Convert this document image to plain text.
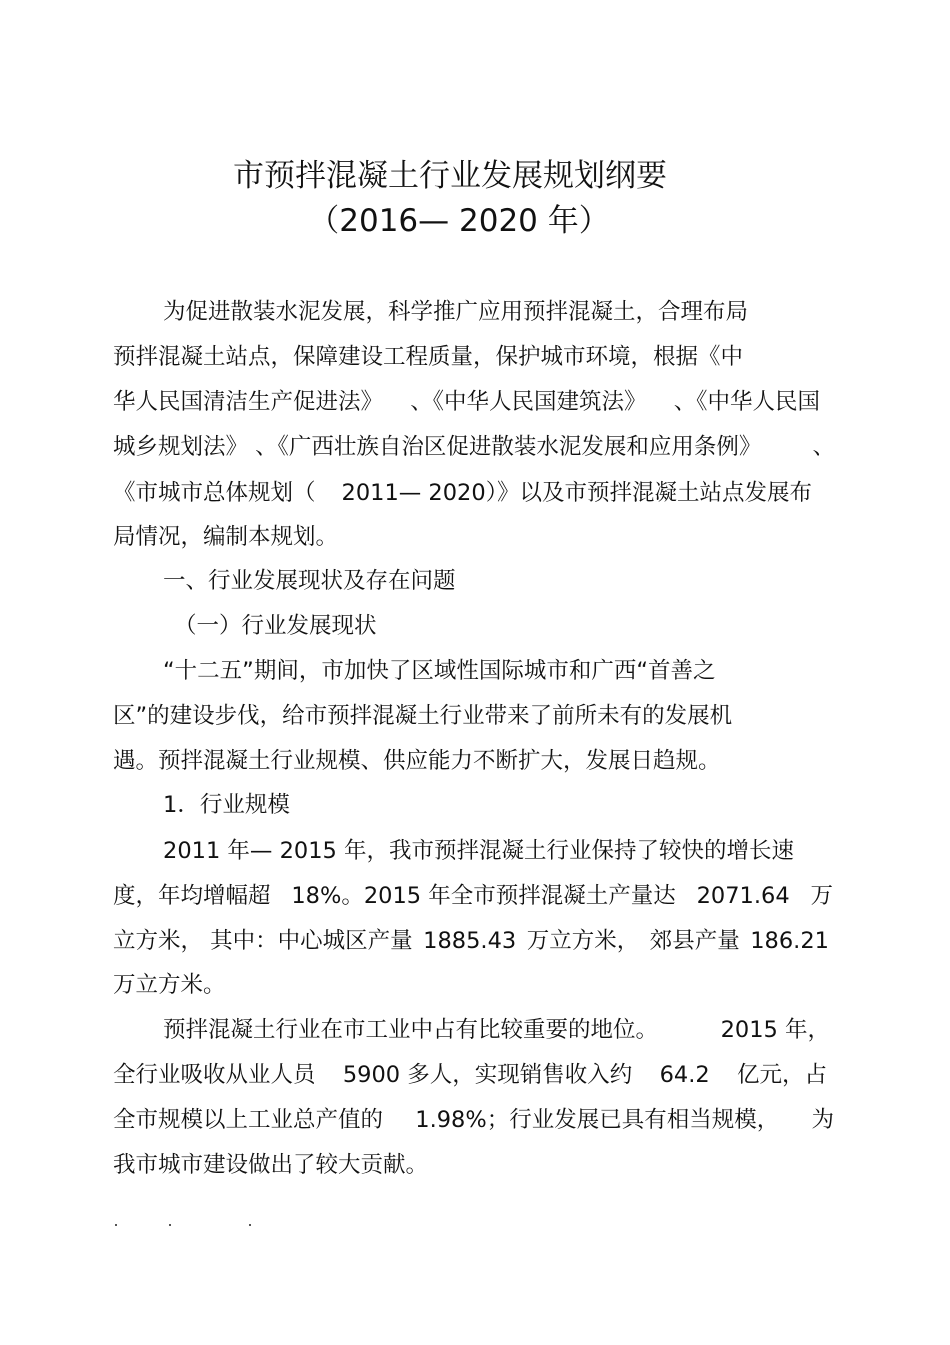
市预拌混凝土行业发展规划纲要
（2016— 2020 年）
为促进散装水泥发展，科学推广应用预拌混凝土，合理布局
预拌混凝土站点，保障建设工程质量，保护城市环境，根据《中
华人民国清洁生产促进法》 、《中华人民国建筑法》 、《中华人民国
城乡规划法》 、《广西壮族自治区促进散装水泥发展和应用条例》 、
《市城市总体规划（ 2011— 2020）》以及市预拌混凝土站点发展布
局情况，编制本规划。
一、行业发展现状及存在问题
（一）行业发展现状
“十二五”期间，市加快了区域性国际城市和广西“首善之
区”的建设步伐，给市预拌混凝土行业带来了前所未有的发展机
遇。预拌混凝土行业规模、供应能力不断扩大，发展日趋规。
1．行业规模
2011 年— 2015 年，我市预拌混凝土行业保持了较快的增长速
度，年均增幅超 18%。2015 年全市预拌混凝土产量达 2071.64 万
立方米， 其中：中心城区产量 1885.43 万立方米， 郊县产量 186.21
万立方米。
预拌混凝土行业在市工业中占有比较重要的地位。	2015 年，
全行业吸收从业人员 5900 多人，实现销售收入约 64.2 亿元，占
全市规模以上工业总产值的 1.98%；行业发展已具有相当规模， 为
我市城市建设做出了较大贡献。
